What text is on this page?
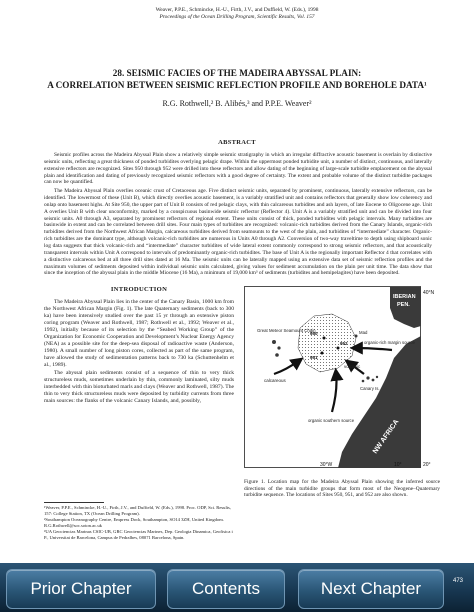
Weaver, P.P.E., Schmincke, H.-U., Firth, J.V., and Duffield, W. (Eds.), 1998
Proceedings of the Ocean Drilling Program, Scientific Results, Vol. 157
28. SEISMIC FACIES OF THE MADEIRA ABYSSAL PLAIN:
A CORRELATION BETWEEN SEISMIC REFLECTION PROFILE AND BOREHOLE DATA¹
R.G. Rothwell,² B. Alibés,³ and P.P.E. Weaver²
ABSTRACT

Seismic profiles across the Madeira Abyssal Plain show a relatively simple seismic stratigraphy in which an irregular diffractive acoustic basement is overlain by distinctive seismic units, reflecting a great thickness of ponded turbidites overlying pelagic drape. Within the uppermost ponded turbidite unit, a number of distinct, continuous, and laterally extensive reflectors are recognized. Sites 950 through 952 were drilled into these reflectors and allow dating of the beginning of large-scale turbidite emplacement on the abyssal plain and identification and dating of previously recognized seismic reflectors with a good degree of certainty. The extent and probable volume of the distinct turbidite packages can now be quantified.

The Madeira Abyssal Plain overlies oceanic crust of Cretaceous age. Five distinct seismic units, separated by prominent, continuous, laterally extensive reflectors, can be identified. The lowermost of these (Unit B), which directly overlies acoustic basement, is a variably stratified unit and contains reflectors that generally show low coherency and onlap onto basement highs. At Site 950, the upper part of Unit B consists of red pelagic clays, with thin calcareous turbidites and ash layers, of late Eocene to Oligocene age. Unit A overlies Unit B with clear unconformity, marked by a conspicuous basinwide seismic reflector (Reflector 4). Unit A is a variably stratified unit and can be divided into four seismic units. A0 through A3, separated by prominent reflectors of regional extent. These units consist of thick, ponded turbidites with pelagic intervals. Many turbidites are basinwide in extent and can be correlated between drill sites. Four main types of turbidites are recognized: volcanic-rich turbidites derived from the Canary Islands, organic-rich turbidites derived from the Northwest African Margin, calcareous turbidites derived from seamounts to the west of the plain, and turbidites of “intermediate” character. Organic-rich turbidites are the dominant type, although volcanic-rich turbidites are numerous in Units A0 through A2. Conversion of two-way traveltime to depth using shipboard sonic log data suggests that thick volcanic-rich and “intermediate” character turbidites of wide lateral extent commonly correspond to strong seismic reflectors, and that acoustically transparent intervals within Unit A correspond to intervals of predominantly organic-rich turbidites. The base of Unit A is the regionally important Reflector 4 that correlates with a distinctive calcareous bed at all three drill sites dated at 16 Ma. The seismic units can be laterally mapped using an extensive data set of seismic reflection profiles and the maximum volumes of sediments deposited within individual seismic units calculated, giving values for sediment accumulation on the plain per unit time. The data show that since the inception of the abyssal plain in the middle Miocene (16 Ma), a minimum of 19,000 km³ of sediments (turbidites and hemipelagites) have been deposited.

INTRODUCTION

The Madeira Abyssal Plain lies in the center of the Canary Basin, 1000 km from the Northwest African Margin (Fig. 1). The late Quaternary sediments (back to 300 ka) have been intensively studied over the past 15 yr through an extensive piston coring program (Weaver and Rothwell, 1987; Rothwell et al., 1992; Weaver et al., 1992), initially because of its selection by the “Seabed Working Group” of the Organization for Economic Cooperation and Development’s Nuclear Energy Agency (NEA) as a possible site for the deep-sea disposal of radioactive waste (Anderson, 1980). A small number of long piston cores, collected as part of the same program, have allowed the study of sedimentation patterns back to 730 ka (Schuttenhelm et al., 1989).

The abyssal plain sediments consist of a sequence of thin to very thick structureless muds, sometimes underlain by thin, commonly laminated, silty muds interbedded with thin bioturbated marls and clays (Weaver and Rothwell, 1987). The thin to very thick structureless muds were deposited by turbidity currents from three main sources: the flanks of the volcanic Canary Islands, and, possibly,

¹Weaver, P.P.E., Schmincke, H.-U., Firth, J.V., and Duffield, W. (Eds.), 1998. Proc. ODP, Sci. Results, 157: College Station, TX (Ocean Drilling Program).
²Southampton Oceanography Centre, Empress Dock, Southampton, SO14 3ZH, United Kingdom. R.G.Rothwell@soc.soton.ac.uk
³UA Geociencias Marinas CSIC-UB, GRC Geociencias Marines, Dep. Geologia Dinamica, Geofisica i P., Universitat de Barcelona, Campus de Pedralbes, 08071 Barcelona, Spain.
IBERIAN
PEN.
NW AFRICA
Great Meteor Seamount Chain	Mad
Canary Is.
950
951
952
calcareous
organic-rich margin source
volcanic
organic southern source
40°N
20°
30°W	10°
Figure 1. Location map for the Madeira Abyssal Plain showing the inferred source directions of the main turbidite groups that form most of the Neogene–Quaternary turbidite sequence. The locations of Sites 950, 951, and 952 are also shown.
Prior Chapter	Contents	Next Chapter	473
